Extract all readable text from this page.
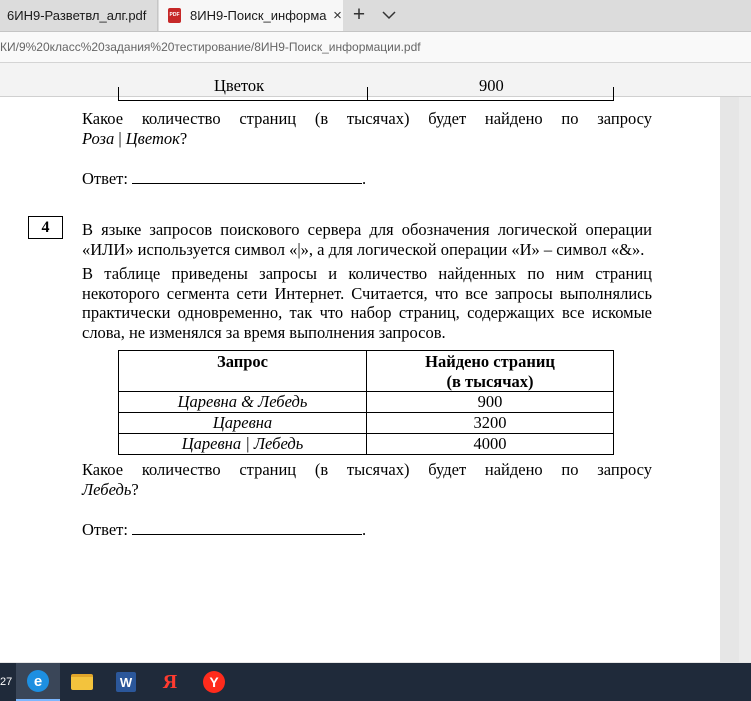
6ИН9-Разветвл_алг.pdf PDF	8ИН9-Поиск_информа × +
КИ/9%20класс%20задания%20тестирование/8ИН9-Поиск_информации.pdf
Цветок	900
Какое количество страниц (в тысячах) будет найдено по запросу
Роза | Цветок?
Ответ:	.
4	В языке запросов поискового сервера для обозначения логической операции «ИЛИ» используется символ «|», а для логической операции «И» – символ «&».
В таблице приведены запросы и количество найденных по ним страниц некоторого сегмента сети Интернет. Считается, что все запросы выполнялись практически одновременно, так что набор страниц, содержащих все искомые слова, не изменялся за время выполнения запросов.
Запрос	Найдено страниц
(в тысячах)
Царевна & Лебедь	900
Царевна	3200
Царевна | Лебедь	4000
Какое количество страниц (в тысячах) будет найдено по запросу
Лебедь?
Ответ:	.
27	e	W Я	Y
